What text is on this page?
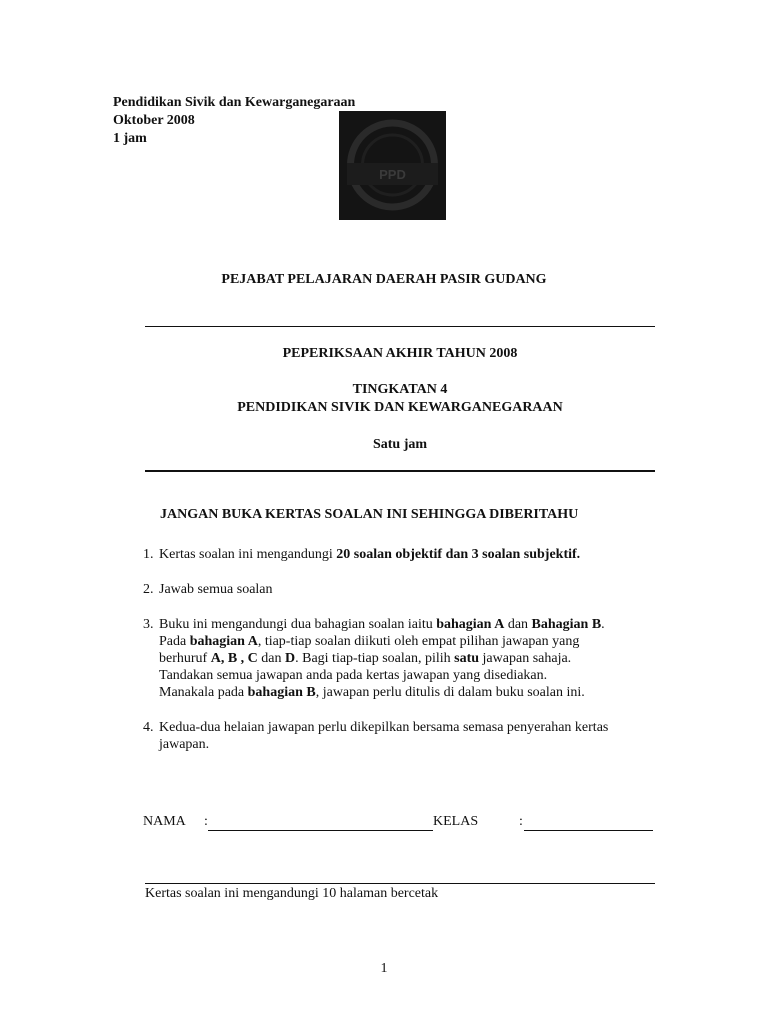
Pendidikan Sivik dan Kewarganegaraan
Oktober 2008
1 jam
PPD
PEJABAT PELAJARAN DAERAH PASIR GUDANG
PEPERIKSAAN AKHIR TAHUN 2008
TINGKATAN 4
PENDIDIKAN SIVIK DAN KEWARGANEGARAAN
Satu jam
JANGAN BUKA KERTAS SOALAN INI SEHINGGA DIBERITAHU
1. Kertas soalan ini mengandungi 20 soalan objektif dan 3 soalan subjektif.
2. Jawab semua soalan
3. Buku ini mengandungi dua bahagian soalan iaitu bahagian A dan Bahagian B.
Pada bahagian A, tiap-tiap soalan diikuti oleh empat pilihan jawapan yang
berhuruf A, B , C dan D. Bagi tiap-tiap soalan, pilih satu jawapan sahaja.
Tandakan semua jawapan anda pada kertas jawapan yang disediakan.
Manakala pada bahagian B, jawapan perlu ditulis di dalam buku soalan ini.
4. Kedua-dua helaian jawapan perlu dikepilkan bersama semasa penyerahan kertas
jawapan.
NAMA :	KELAS	:
Kertas soalan ini mengandungi 10 halaman bercetak
1
